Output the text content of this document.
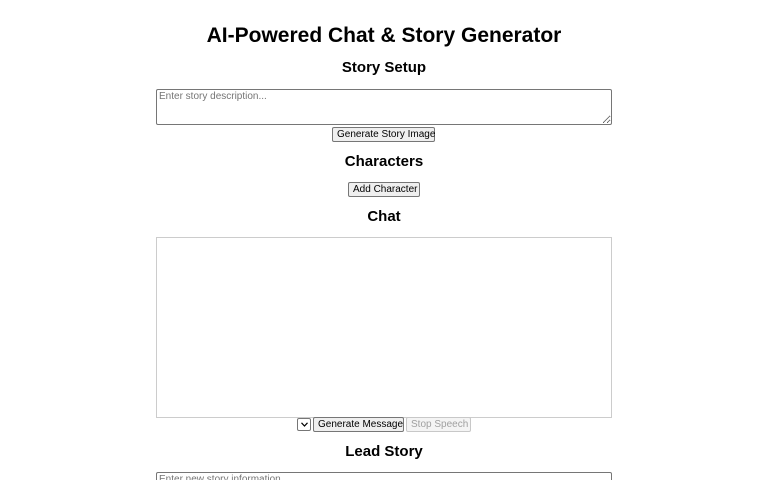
AI-Powered Chat & Story Generator
Story Setup
Enter story description...
Generate Story Image
Characters
Add Character
Chat
Generate Message Stop Speech
Lead Story
Enter new story information...
